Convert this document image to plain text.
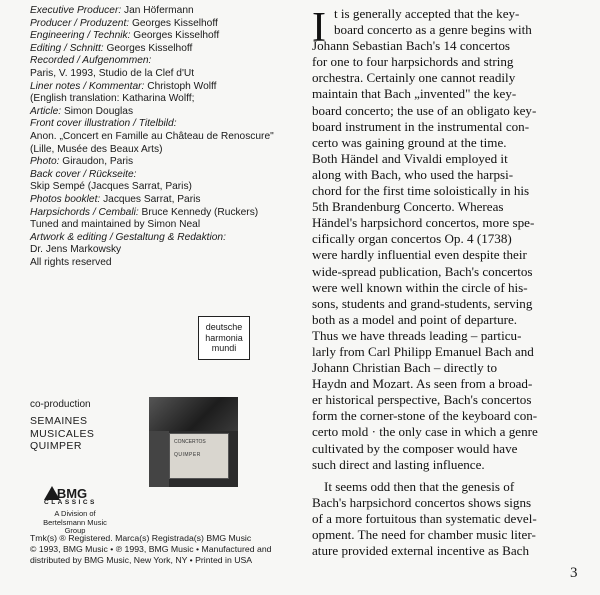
Executive Producer: Jan Höfermann
Producer / Produzent: Georges Kisselhoff
Engineering / Technik: Georges Kisselhoff
Editing / Schnitt: Georges Kisselhoff
Recorded / Aufgenommen:
Paris, V. 1993, Studio de la Clef d'Ut
Liner notes / Kommentar: Christoph Wolff
(English translation: Katharina Wolff;
Article: Simon Douglas
Front cover illustration / Titelbild:
Anon. „Concert en Famille au Château de Renoscure"
(Lille, Musée des Beaux Arts)
Photo: Giraudon, Paris
Back cover / Rückseite:
Skip Sempé (Jacques Sarrat, Paris)
Photos booklet: Jacques Sarrat, Paris
Harpsichords / Cembali: Bruce Kennedy (Ruckers)
Tuned and maintained by Simon Neal
Artwork & editing / Gestaltung & Redaktion:
Dr. Jens Markowsky
All rights reserved
deutsche
harmonia
mundi
co-production
SEMAINES
MUSICALES
QUIMPER	CONCERTOS
QUIMPER
BMG
CLASSICS
A Division of
Bertelsmann Music Group
Tmk(s) ® Registered. Marca(s) Registrada(s) BMG Music
© 1993, BMG Music • ℗ 1993, BMG Music • Manufactured and
distributed by BMG Music, New York, NY • Printed in USA
I t is generally accepted that the key-
board concerto as a genre begins with
Johann Sebastian Bach's 14 concertos
for one to four harpsichords and string
orchestra. Certainly one cannot readily
maintain that Bach „invented" the key-
board concerto; the use of an obligato key-
board instrument in the instrumental con-
certo was gaining ground at the time.
Both Händel and Vivaldi employed it
along with Bach, who used the harpsi-
chord for the first time soloistically in his
5th Brandenburg Concerto. Whereas
Händel's harpsichord concertos, more spe-
cifically organ concertos Op. 4 (1738)
were hardly influential even despite their
wide-spread publication, Bach's concertos
were well known within the circle of his-
sons, students and grand-students, serving
both as a model and point of departure.
Thus we have threads leading – particu-
larly from Carl Philipp Emanuel Bach and
Johann Christian Bach – directly to
Haydn and Mozart. As seen from a broad-
er historical perspective, Bach's concertos
form the corner-stone of the keyboard con-
certo mold · the only case in which a genre
cultivated by the composer would have
such direct and lasting influence.
It seems odd then that the genesis of
Bach's harpsichord concertos shows signs
of a more fortuitous than systematic devel-
opment. The need for chamber music liter-
ature provided external incentive as Bach
3
